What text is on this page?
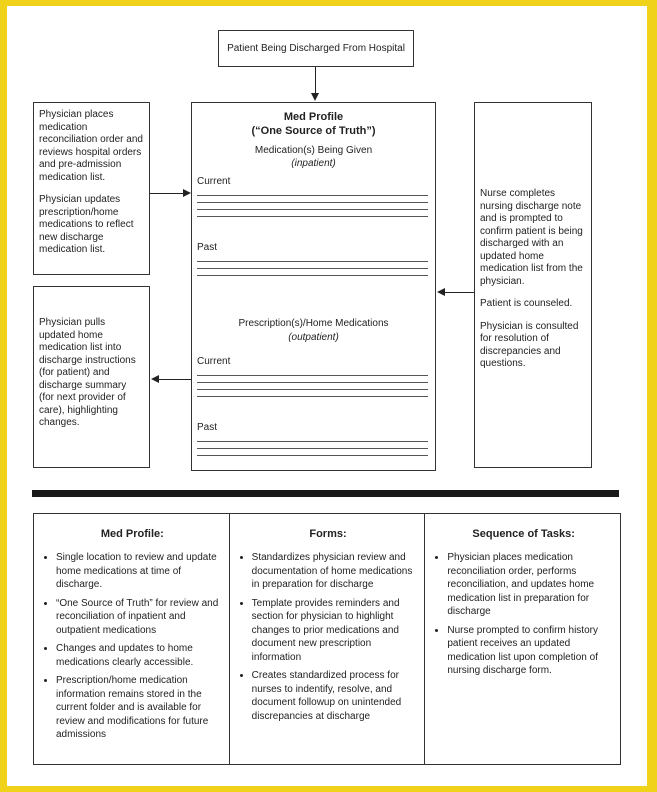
Patient Being Discharged From Hospital

Physician places medication reconciliation order and reviews hospital orders and pre-admission medication list.

Physician updates prescription/home medications to reflect new discharge medication list.

Physician pulls updated home medication list into discharge instructions (for patient) and discharge summary (for next provider of care), highlighting changes.

Nurse completes nursing discharge note and is prompted to confirm patient is being discharged with an updated home medication list from the physician.

Patient is counseled.

Physician is consulted for resolution of discrepancies and questions.

Med Profile
(“One Source of Truth”)
Medication(s) Being Given
(inpatient)
Current
Past
Prescription(s)/Home Medications
(outpatient)
Current
Past
Med Profile:
• Single location to review and update home medications at time of discharge.
• “One Source of Truth” for review and reconciliation of inpatient and outpatient medications
• Changes and updates to home medications clearly accessible.
• Prescription/home medication information remains stored in the current folder and is available for review and modifications for future admissions
Forms:
• Standardizes physician review and documentation of home medications in preparation for discharge
• Template provides reminders and section for physician to highlight changes to prior medications and document new prescription information
• Creates standardized process for nurses to indentify, resolve, and document followup on unintended discrepancies at discharge
Sequence of Tasks:
• Physician places medication reconciliation order, performs reconciliation, and updates home medication list in preparation for discharge
• Nurse prompted to confirm history patient receives an updated medication list upon completion of nursing discharge form.
